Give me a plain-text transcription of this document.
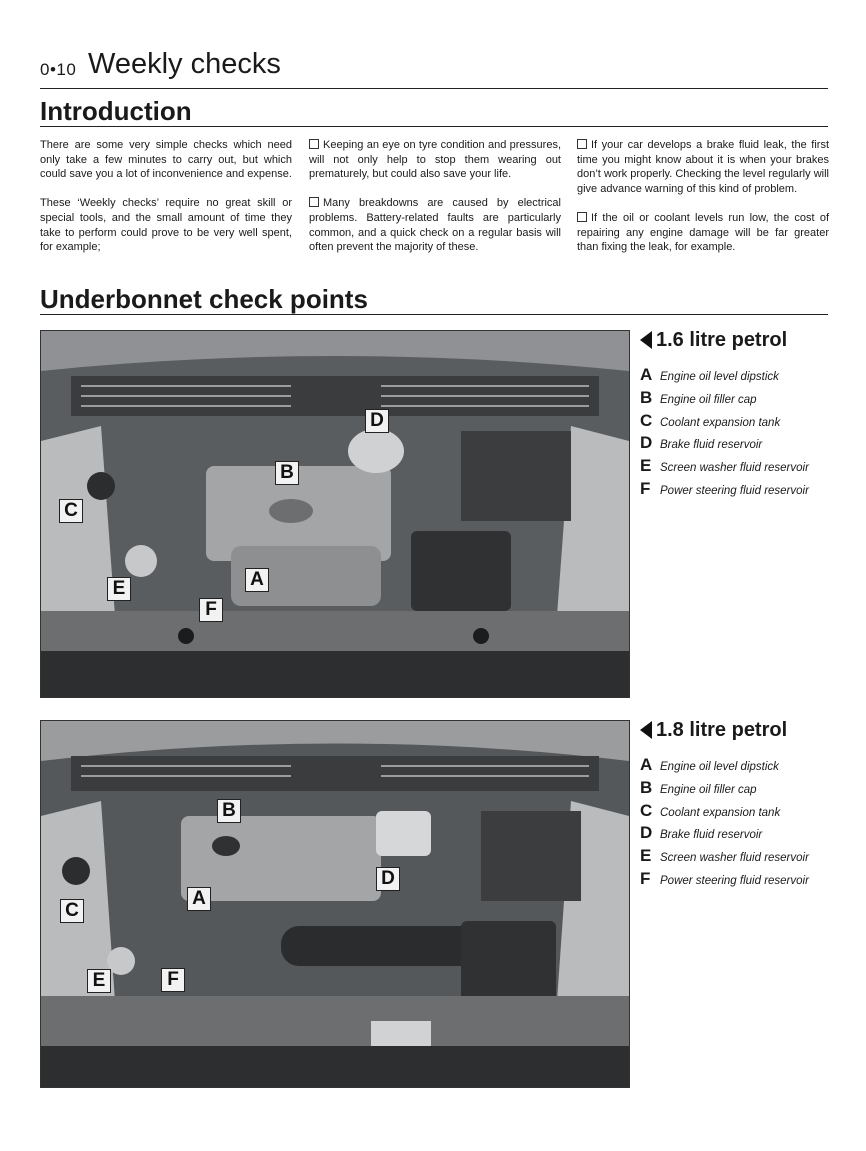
0•10 Weekly checks
Introduction

There are some very simple checks which need only take a few minutes to carry out, but which could save you a lot of inconvenience and expense.

These ‘Weekly checks’ require no great skill or special tools, and the small amount of time they take to perform could prove to be very well spent, for example;

Keeping an eye on tyre condition and pressures, will not only help to stop them wearing out prematurely, but could also save your life.

Many breakdowns are caused by electrical problems. Battery-related faults are particularly common, and a quick check on a regular basis will often prevent the majority of these.

If your car develops a brake fluid leak, the first time you might know about it is when your brakes don’t work properly. Checking the level regularly will give advance warning of this kind of problem.

If the oil or coolant levels run low, the cost of repairing any engine damage will be far greater than fixing the leak, for example.

Underbonnet check points
D
B
C
A
E
F
1.6 litre petrol
A Engine oil level dipstick
B Engine oil filler cap
C Coolant expansion tank
D Brake fluid reservoir
E Screen washer fluid reservoir
F Power steering fluid reservoir
B
D
A
C
E	F
1.8 litre petrol
A Engine oil level dipstick
B Engine oil filler cap
C Coolant expansion tank
D Brake fluid reservoir
E Screen washer fluid reservoir
F Power steering fluid reservoir
